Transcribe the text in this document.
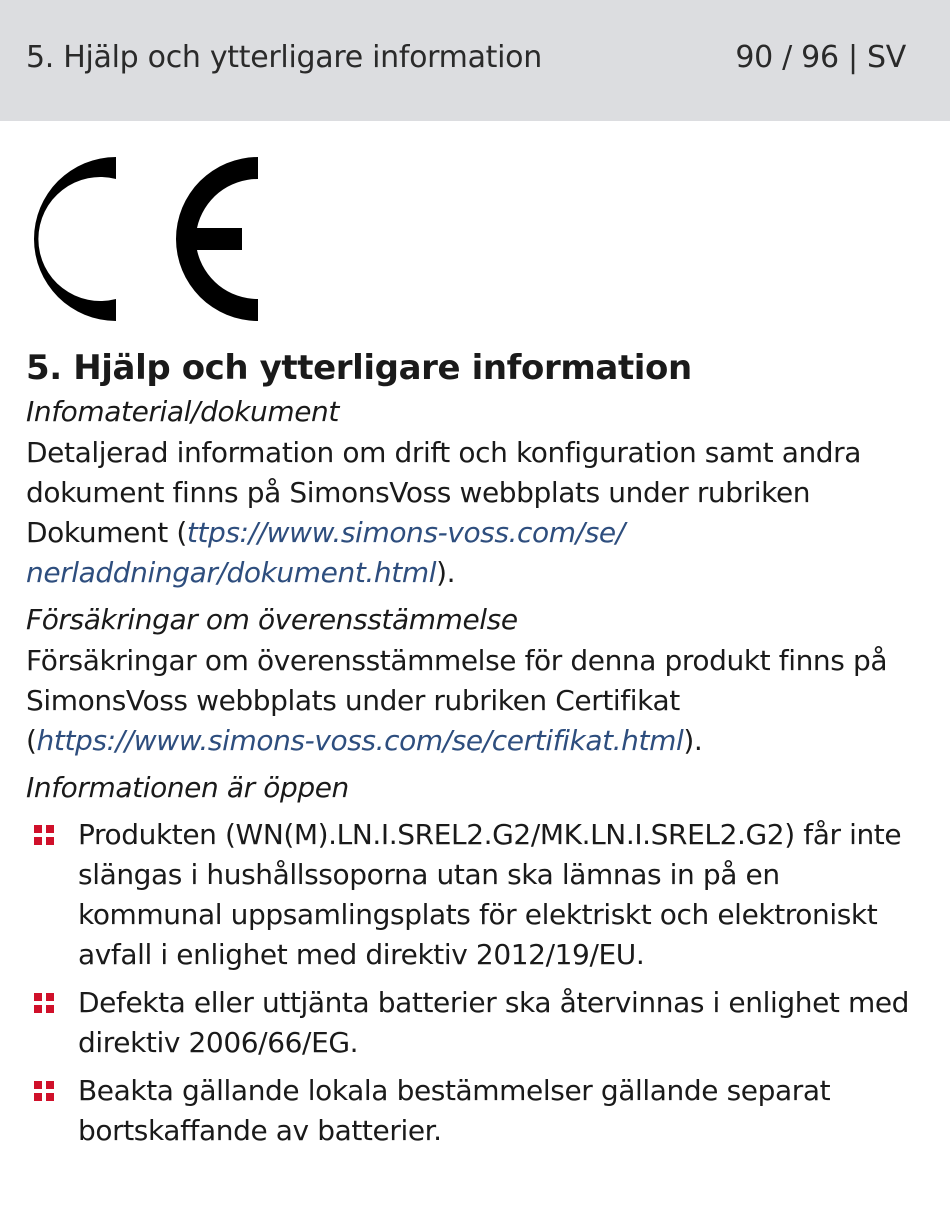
5. Hjälp och ytterligare information	90 / 96 | SV
5. Hjälp och ytterligare information
Infomaterial/dokument

Detaljerad information om drift och konfiguration samt andra dokument finns på SimonsVoss webbplats under rubriken Dokument (ttps://www.simons-voss.com/se/ nerladdningar/dokument.html).

Försäkringar om överensstämmelse

Försäkringar om överensstämmelse för denna produkt finns på SimonsVoss webbplats under rubriken Certifikat (https://www.simons-voss.com/se/certifikat.html).

Informationen är öppen
Produkten (WN(M).LN.I.SREL2.G2/MK.LN.I.SREL2.G2) får inte slängas i hushållssoporna utan ska lämnas in på en kommunal uppsamlingsplats för elektriskt och elektroniskt avfall i enlighet med direktiv 2012/19/EU.
Defekta eller uttjänta batterier ska återvinnas i enlighet med direktiv 2006/66/EG.
Beakta gällande lokala bestämmelser gällande separat bortskaffande av batterier.
